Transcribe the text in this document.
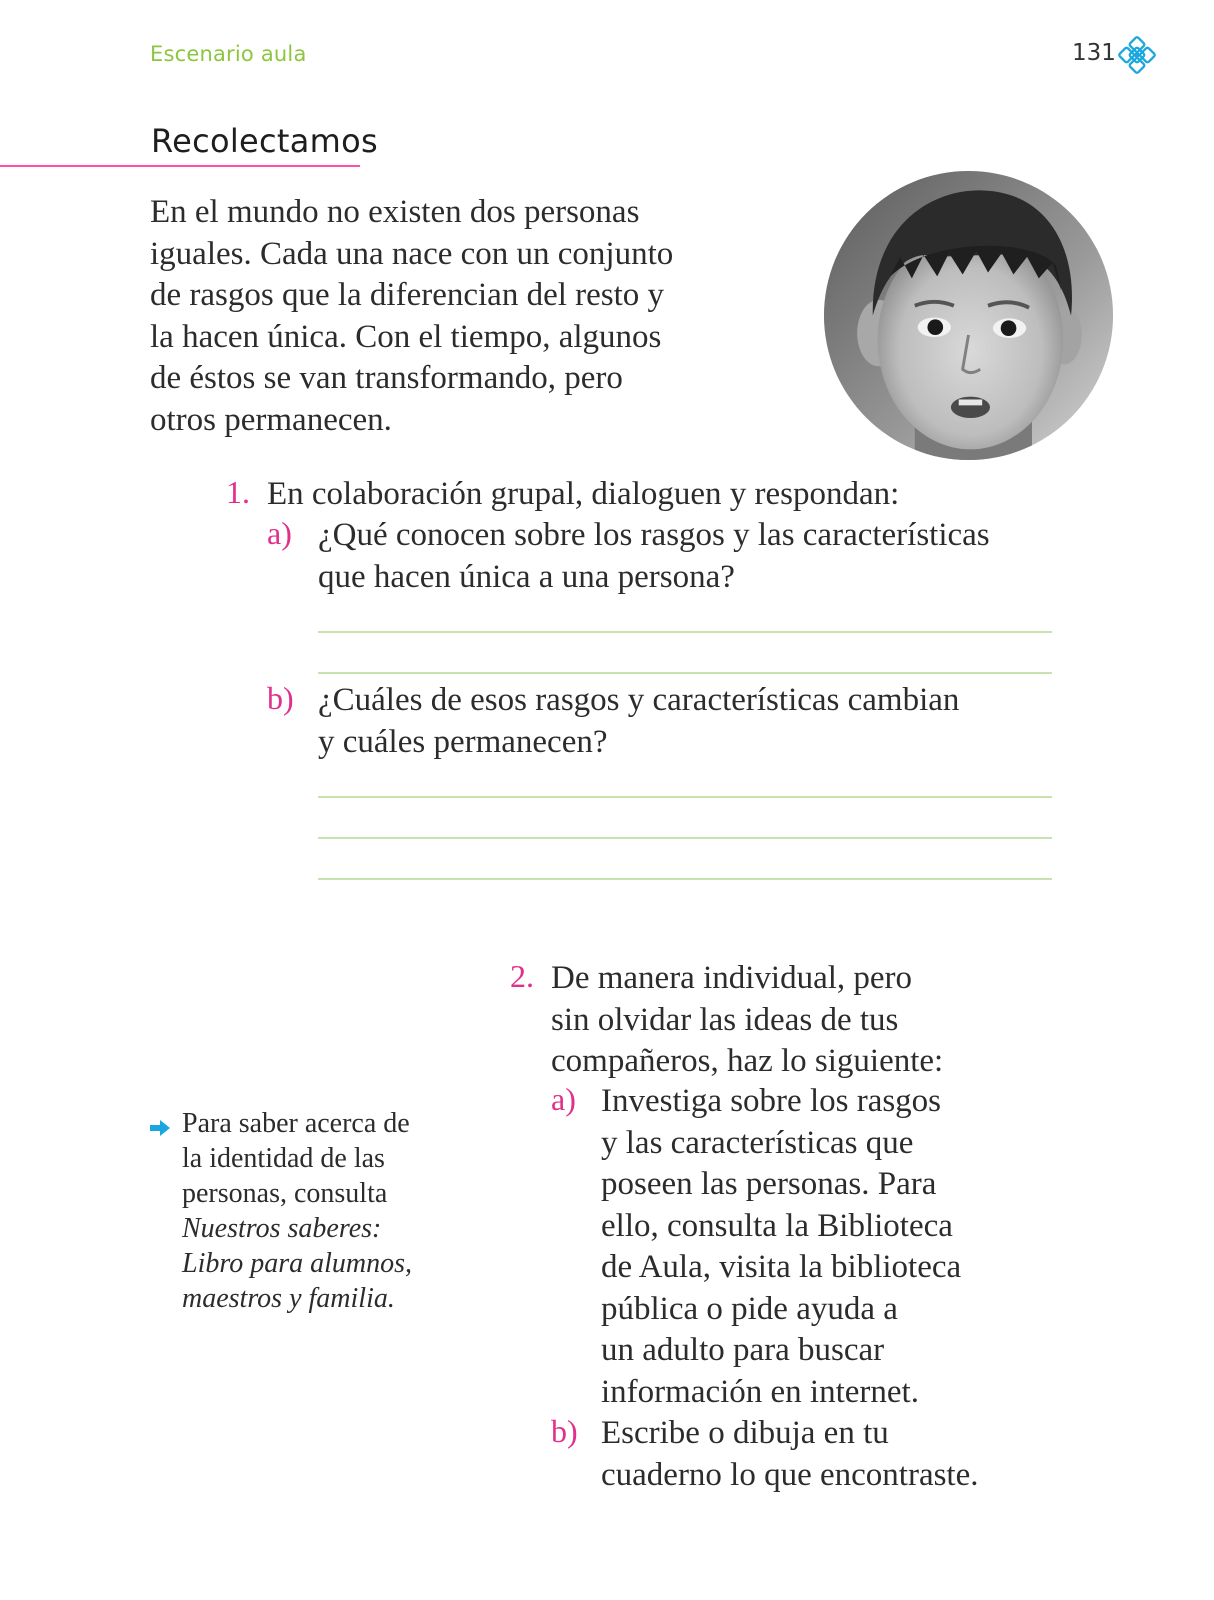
Escenario aula	131
Recolectamos
En el mundo no existen dos personas
iguales. Cada una nace con un conjunto
de rasgos que la diferencian del resto y
la hacen única. Con el tiempo, algunos
de éstos se van transformando, pero
otros permanecen.
1. En colaboración grupal, dialoguen y respondan:
a) ¿Qué conocen sobre los rasgos y las características
que hacen única a una persona?
b) ¿Cuáles de esos rasgos y características cambian
y cuáles permanecen?
Para saber acerca de
la identidad de las
personas, consulta
Nuestros saberes:
Libro para alumnos,
maestros y familia.
2. De manera individual, pero
sin olvidar las ideas de tus
compañeros, haz lo siguiente:
a) Investiga sobre los rasgos
y las características que
poseen las personas. Para
ello, consulta la Biblioteca
de Aula, visita la biblioteca
pública o pide ayuda a
un adulto para buscar
información en internet.
b) Escribe o dibuja en tu
cuaderno lo que encontraste.
